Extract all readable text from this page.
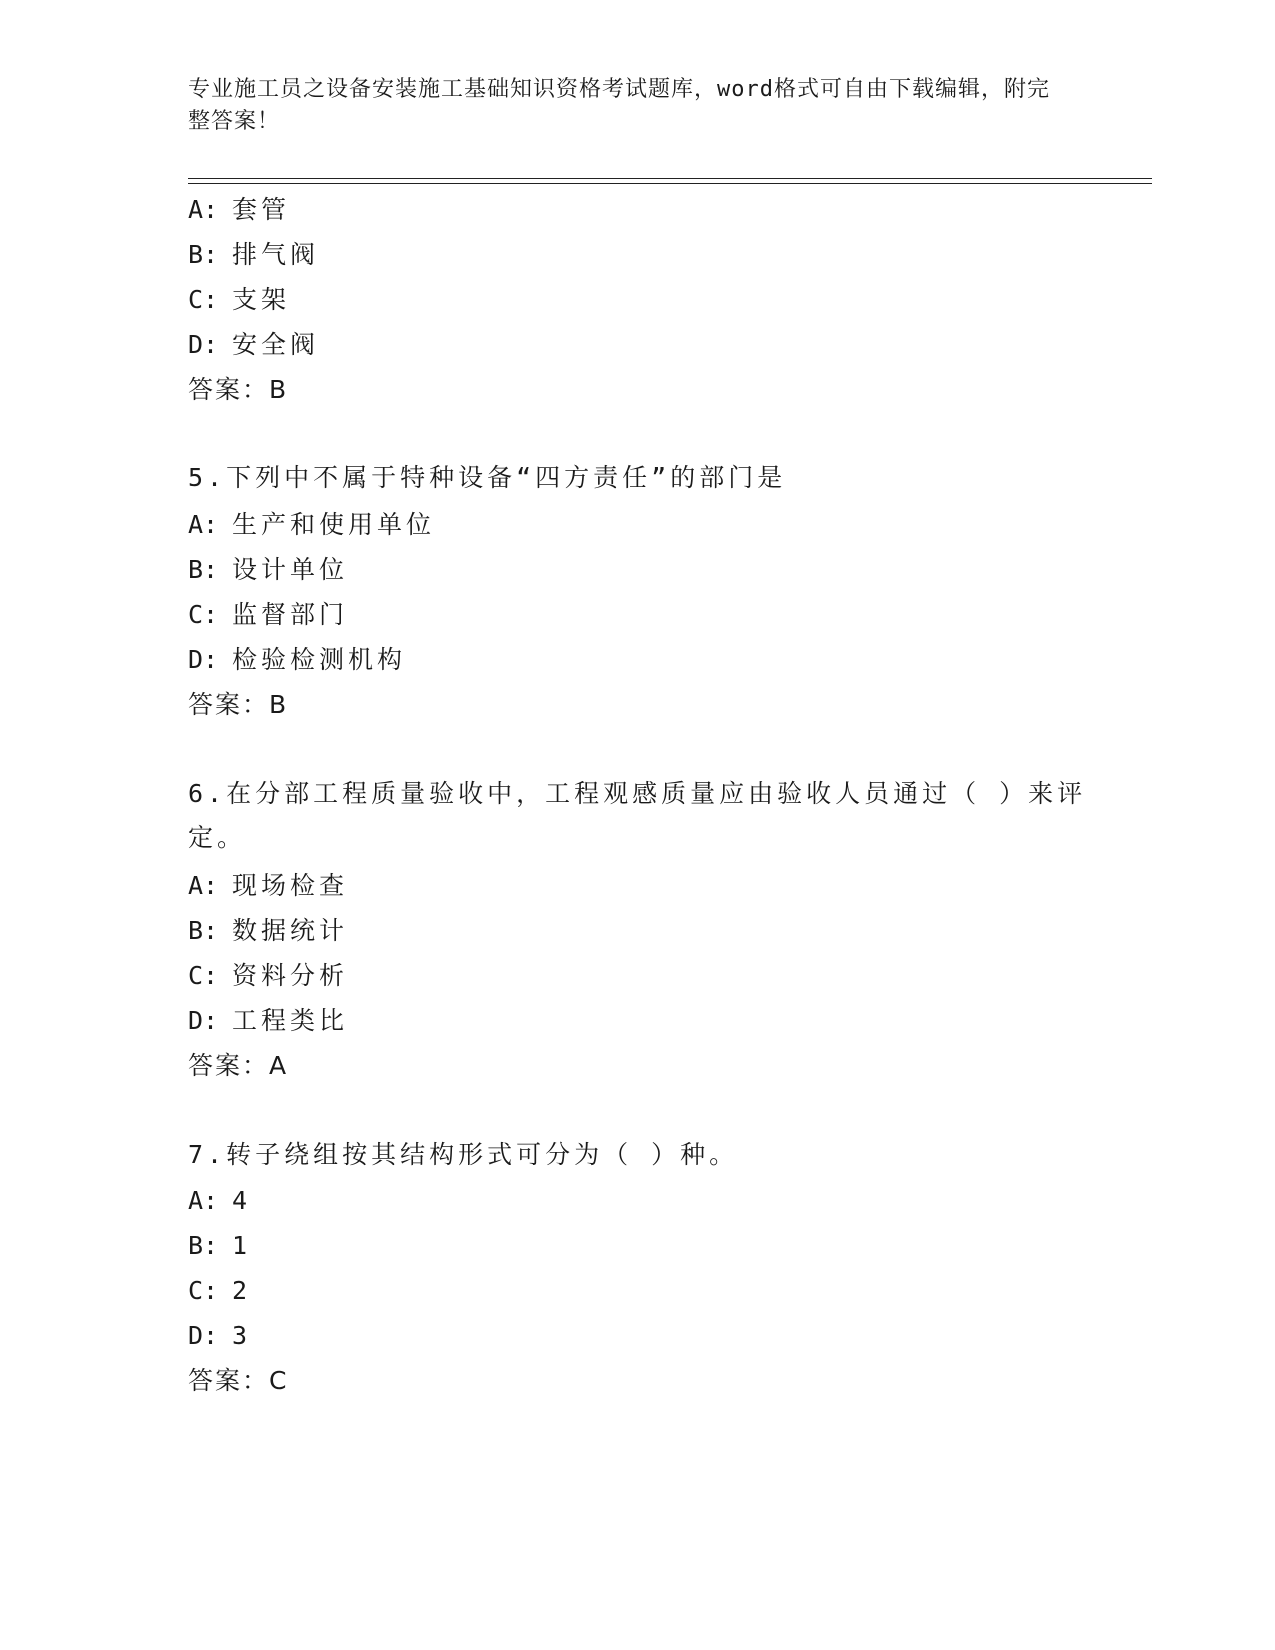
专业施工员之设备安装施工基础知识资格考试题库，word格式可自由下载编辑，附完整答案！
A: 套管
B: 排气阀
C: 支架
D: 安全阀
答案：B
5.下列中不属于特种设备“四方责任”的部门是
A: 生产和使用单位
B: 设计单位
C: 监督部门
D: 检验检测机构
答案：B
6.在分部工程质量验收中，工程观感质量应由验收人员通过（ ）来评定。
A: 现场检查
B: 数据统计
C: 资料分析
D: 工程类比
答案：A
7.转子绕组按其结构形式可分为（ ）种。
A: 4
B: 1
C: 2
D: 3
答案：C
